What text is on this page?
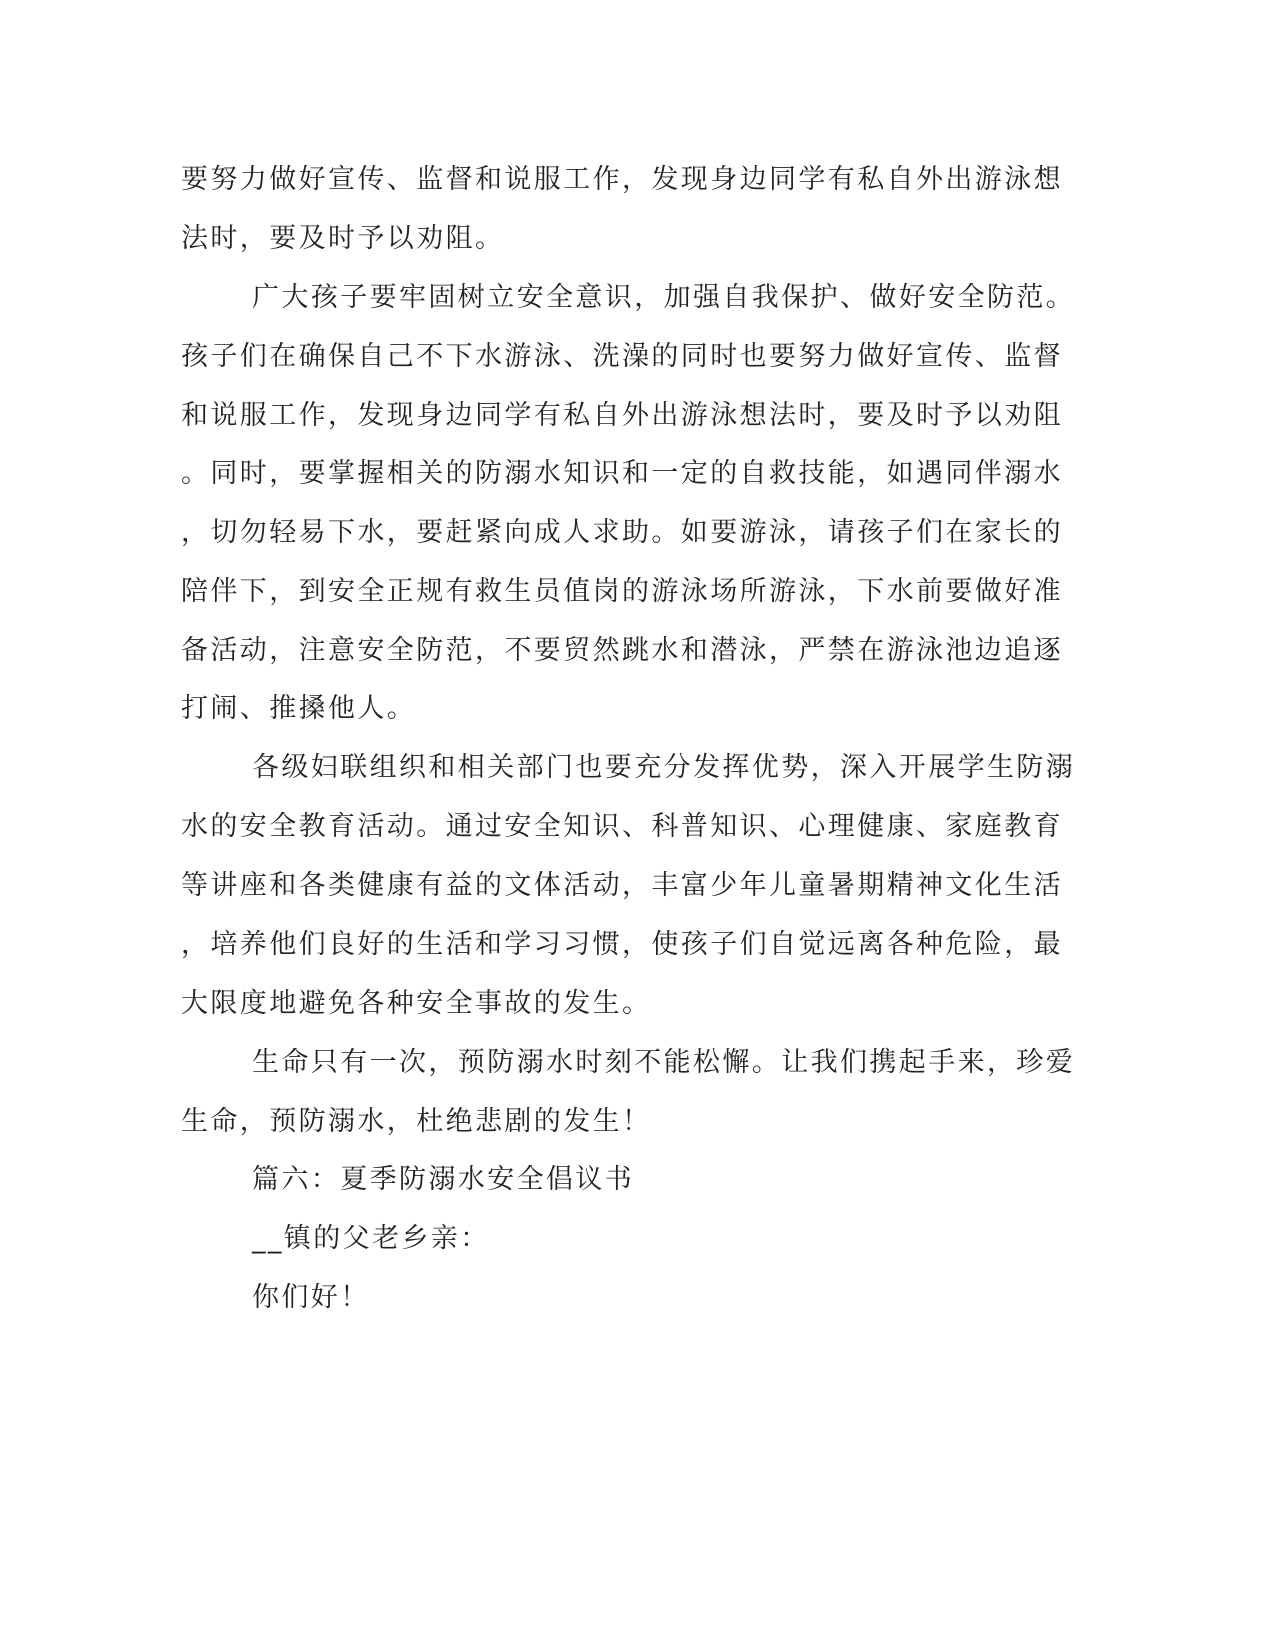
要努力做好宣传、监督和说服工作，发现身边同学有私自外出游泳想

法时，要及时予以劝阻。

广大孩子要牢固树立安全意识，加强自我保护、做好安全防范。

孩子们在确保自己不下水游泳、洗澡的同时也要努力做好宣传、监督

和说服工作，发现身边同学有私自外出游泳想法时，要及时予以劝阻

。同时，要掌握相关的防溺水知识和一定的自救技能，如遇同伴溺水

，切勿轻易下水，要赶紧向成人求助。如要游泳，请孩子们在家长的

陪伴下，到安全正规有救生员值岗的游泳场所游泳，下水前要做好准

备活动，注意安全防范，不要贸然跳水和潜泳，严禁在游泳池边追逐

打闹、推搡他人。

各级妇联组织和相关部门也要充分发挥优势，深入开展学生防溺

水的安全教育活动。通过安全知识、科普知识、心理健康、家庭教育

等讲座和各类健康有益的文体活动，丰富少年儿童暑期精神文化生活

，培养他们良好的生活和学习习惯，使孩子们自觉远离各种危险，最

大限度地避免各种安全事故的发生。

生命只有一次，预防溺水时刻不能松懈。让我们携起手来，珍爱

生命，预防溺水，杜绝悲剧的发生！

篇六：夏季防溺水安全倡议书

__镇的父老乡亲：

你们好！
